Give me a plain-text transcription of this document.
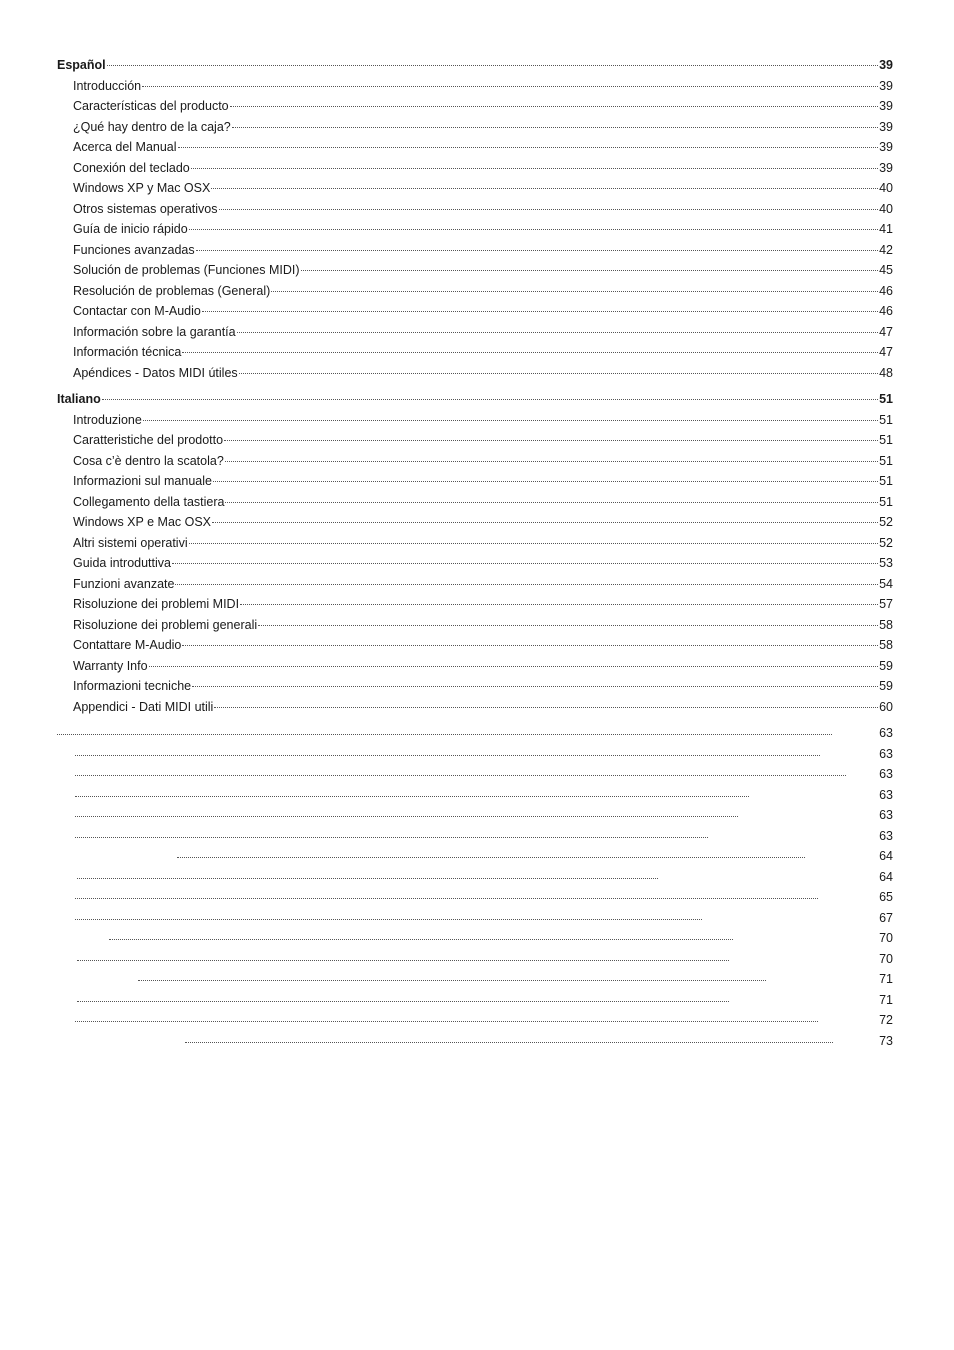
Español	39
Introducción	39
Características del producto	39
¿Qué hay dentro de la caja?	39
Acerca del Manual	39
Conexión del teclado	39
Windows XP y Mac OSX	40
Otros sistemas operativos	40
Guía de inicio rápido	41
Funciones avanzadas	42
Solución de problemas (Funciones MIDI)	45
Resolución de problemas (General)	46
Contactar con M-Audio	46
Información sobre la garantía	47
Información técnica	47
Apéndices - Datos MIDI útiles	48
Italiano	51
Introduzione	51
Caratteristiche del prodotto	51
Cosa c’è dentro la scatola?	51
Informazioni sul manuale	51
Collegamento della tastiera	51
Windows XP e Mac OSX	52
Altri sistemi operativi	52
Guida introduttiva	53
Funzioni avanzate	54
Risoluzione dei problemi MIDI	57
Risoluzione dei problemi generali	58
Contattare M-Audio	58
Warranty Info	59
Informazioni tecniche	59
Appendici - Dati MIDI utili	60
63
63
63
63
63
63
64
64
65
67
70
70
71
71
72
73
